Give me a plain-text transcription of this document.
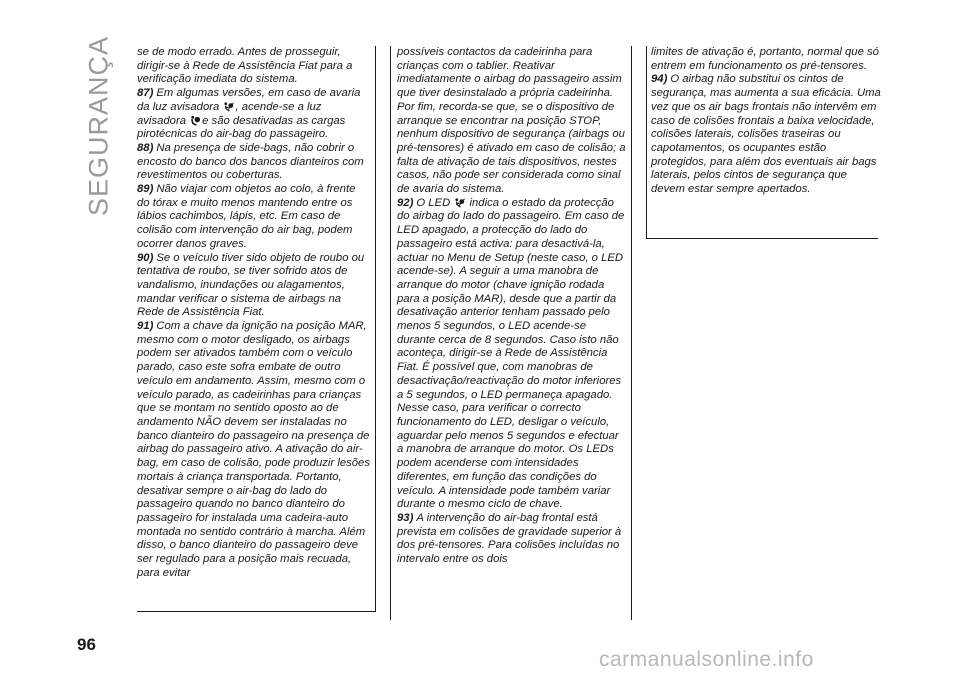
SEGURANÇA se de modo errado. Antes de prosseguir, dirigir-se à Rede de Assistência Fiat para a verificação imediata do sistema.

87) Em algumas versões, em caso de avaria da luz avisadora , acende-se a luz avisadora e são desativadas as cargas pirotécnicas do air-bag do passageiro.

88) Na presença de side-bags, não cobrir o encosto do banco dos bancos dianteiros com revestimentos ou coberturas.

89) Não viajar com objetos ao colo, à frente do tórax e muito menos mantendo entre os lábios cachimbos, lápis, etc. Em caso de colisão com intervenção do air bag, podem ocorrer danos graves.

90) Se o veículo tiver sido objeto de roubo ou tentativa de roubo, se tiver sofrido atos de vandalismo, inundações ou alagamentos, mandar verificar o sistema de airbags na Rede de Assistência Fiat.

91) Com a chave da ignição na posição MAR, mesmo com o motor desligado, os airbags podem ser ativados também com o veículo parado, caso este sofra embate de outro veículo em andamento. Assim, mesmo com o veículo parado, as cadeirinhas para crianças que se montam no sentido oposto ao de andamento NÃO devem ser instaladas no banco dianteiro do passageiro na presença de airbag do passageiro ativo. A ativação do air-bag, em caso de colisão, pode produzir lesões mortais à criança transportada. Portanto, desativar sempre o air-bag do lado do passageiro quando no banco dianteiro do passageiro for instalada uma cadeira-auto montada no sentido contrário à marcha. Além disso, o banco dianteiro do passageiro deve ser regulado para a posição mais recuada, para evitar

possíveis contactos da cadeirinha para crianças com o tablier. Reativar imediatamente o airbag do passageiro assim que tiver desinstalado a própria cadeirinha. Por fim, recorda-se que, se o dispositivo de arranque se encontrar na posição STOP, nenhum dispositivo de segurança (airbags ou pré-tensores) é ativado em caso de colisão; a falta de ativação de tais dispositivos, nestes casos, não pode ser considerada como sinal de avaria do sistema.

92) O LED indica o estado da protecção do airbag do lado do passageiro. Em caso de LED apagado, a protecção do lado do passageiro está activa: para desactivá-la, actuar no Menu de Setup (neste caso, o LED acende-se). A seguir a uma manobra de arranque do motor (chave ignição rodada para a posição MAR), desde que a partir da desativação anterior tenham passado pelo menos 5 segundos, o LED acende-se durante cerca de 8 segundos. Caso isto não aconteça, dirigir-se à Rede de Assistência Fiat. É possível que, com manobras de desactivação/reactivação do motor inferiores a 5 segundos, o LED permaneça apagado. Nesse caso, para verificar o correcto funcionamento do LED, desligar o veículo, aguardar pelo menos 5 segundos e efectuar a manobra de arranque do motor. Os LEDs podem acenderse com intensidades diferentes, em função das condições do veículo. A intensidade pode também variar durante o mesmo ciclo de chave.

93) A intervenção do air-bag frontal está prevista em colisões de gravidade superior à dos pré-tensores. Para colisões incluídas no intervalo entre os dois

limites de ativação é, portanto, normal que só entrem em funcionamento os pré-tensores.

94) O airbag não substitui os cintos de segurança, mas aumenta a sua eficácia. Uma vez que os air bags frontais não intervêm em caso de colisões frontais a baixa velocidade, colisões laterais, colisões traseiras ou capotamentos, os ocupantes estão protegidos, para além dos eventuais air bags laterais, pelos cintos de segurança que devem estar sempre apertados.

96
carmanualsonline.info
